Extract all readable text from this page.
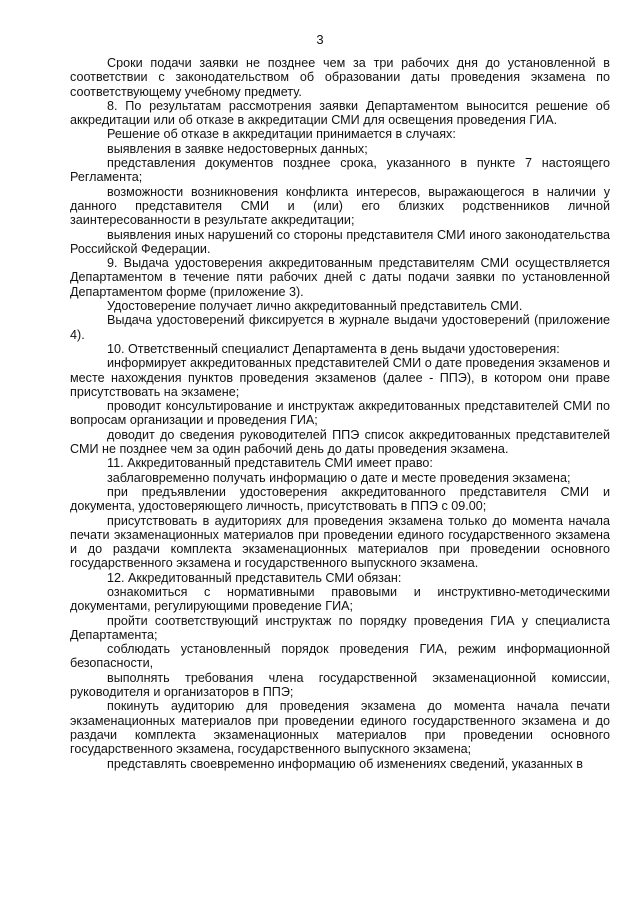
3

Сроки подачи заявки не позднее чем за три рабочих дня до установленной в соответствии с законодательством об образовании даты проведения экзамена по соответствующему учебному предмету.

8. По результатам рассмотрения заявки Департаментом выносится решение об аккредитации или об отказе в аккредитации СМИ для освещения проведения ГИА.

Решение об отказе в аккредитации принимается в случаях:

выявления в заявке недостоверных данных;

представления документов позднее срока, указанного в пункте 7 настоящего Регламента;

возможности возникновения конфликта интересов, выражающегося в наличии у данного представителя СМИ и (или) его близких родственников личной заинтересованности в результате аккредитации;

выявления иных нарушений со стороны представителя СМИ иного законодательства Российской Федерации.

9. Выдача удостоверения аккредитованным представителям СМИ осуществляется Департаментом в течение пяти рабочих дней с даты подачи заявки по установленной Департаментом форме (приложение 3).

Удостоверение получает лично аккредитованный представитель СМИ.

Выдача удостоверений фиксируется в журнале выдачи удостоверений (приложение 4).

10. Ответственный специалист Департамента в день выдачи удостоверения:

информирует аккредитованных представителей СМИ о дате проведения экзаменов и месте нахождения пунктов проведения экзаменов (далее - ППЭ), в котором они праве присутствовать на экзамене;

проводит консультирование и инструктаж аккредитованных представителей СМИ по вопросам организации и проведения ГИА;

доводит до сведения руководителей ППЭ список аккредитованных представителей СМИ не позднее чем за один рабочий день до даты проведения экзамена.

11. Аккредитованный представитель СМИ имеет право:

заблаговременно получать информацию о дате и месте проведения экзамена;

при предъявлении удостоверения аккредитованного представителя СМИ и документа, удостоверяющего личность, присутствовать в ППЭ с 09.00;

присутствовать в аудиториях для проведения экзамена только до момента начала печати экзаменационных материалов при проведении единого государственного экзамена и до раздачи комплекта экзаменационных материалов при проведении основного государственного экзамена и государственного выпускного экзамена.

12. Аккредитованный представитель СМИ обязан:

ознакомиться с нормативными правовыми и инструктивно-методическими документами, регулирующими проведение ГИА;

пройти соответствующий инструктаж по порядку проведения ГИА у специалиста Департамента;

соблюдать установленный порядок проведения ГИА, режим информационной безопасности,

выполнять требования члена государственной экзаменационной комиссии, руководителя и организаторов в ППЭ;

покинуть аудиторию для проведения экзамена до момента начала печати экзаменационных материалов при проведении единого государственного экзамена и до раздачи комплекта экзаменационных материалов при проведении основного государственного экзамена, государственного выпускного экзамена;

представлять своевременно информацию об изменениях сведений, указанных в
